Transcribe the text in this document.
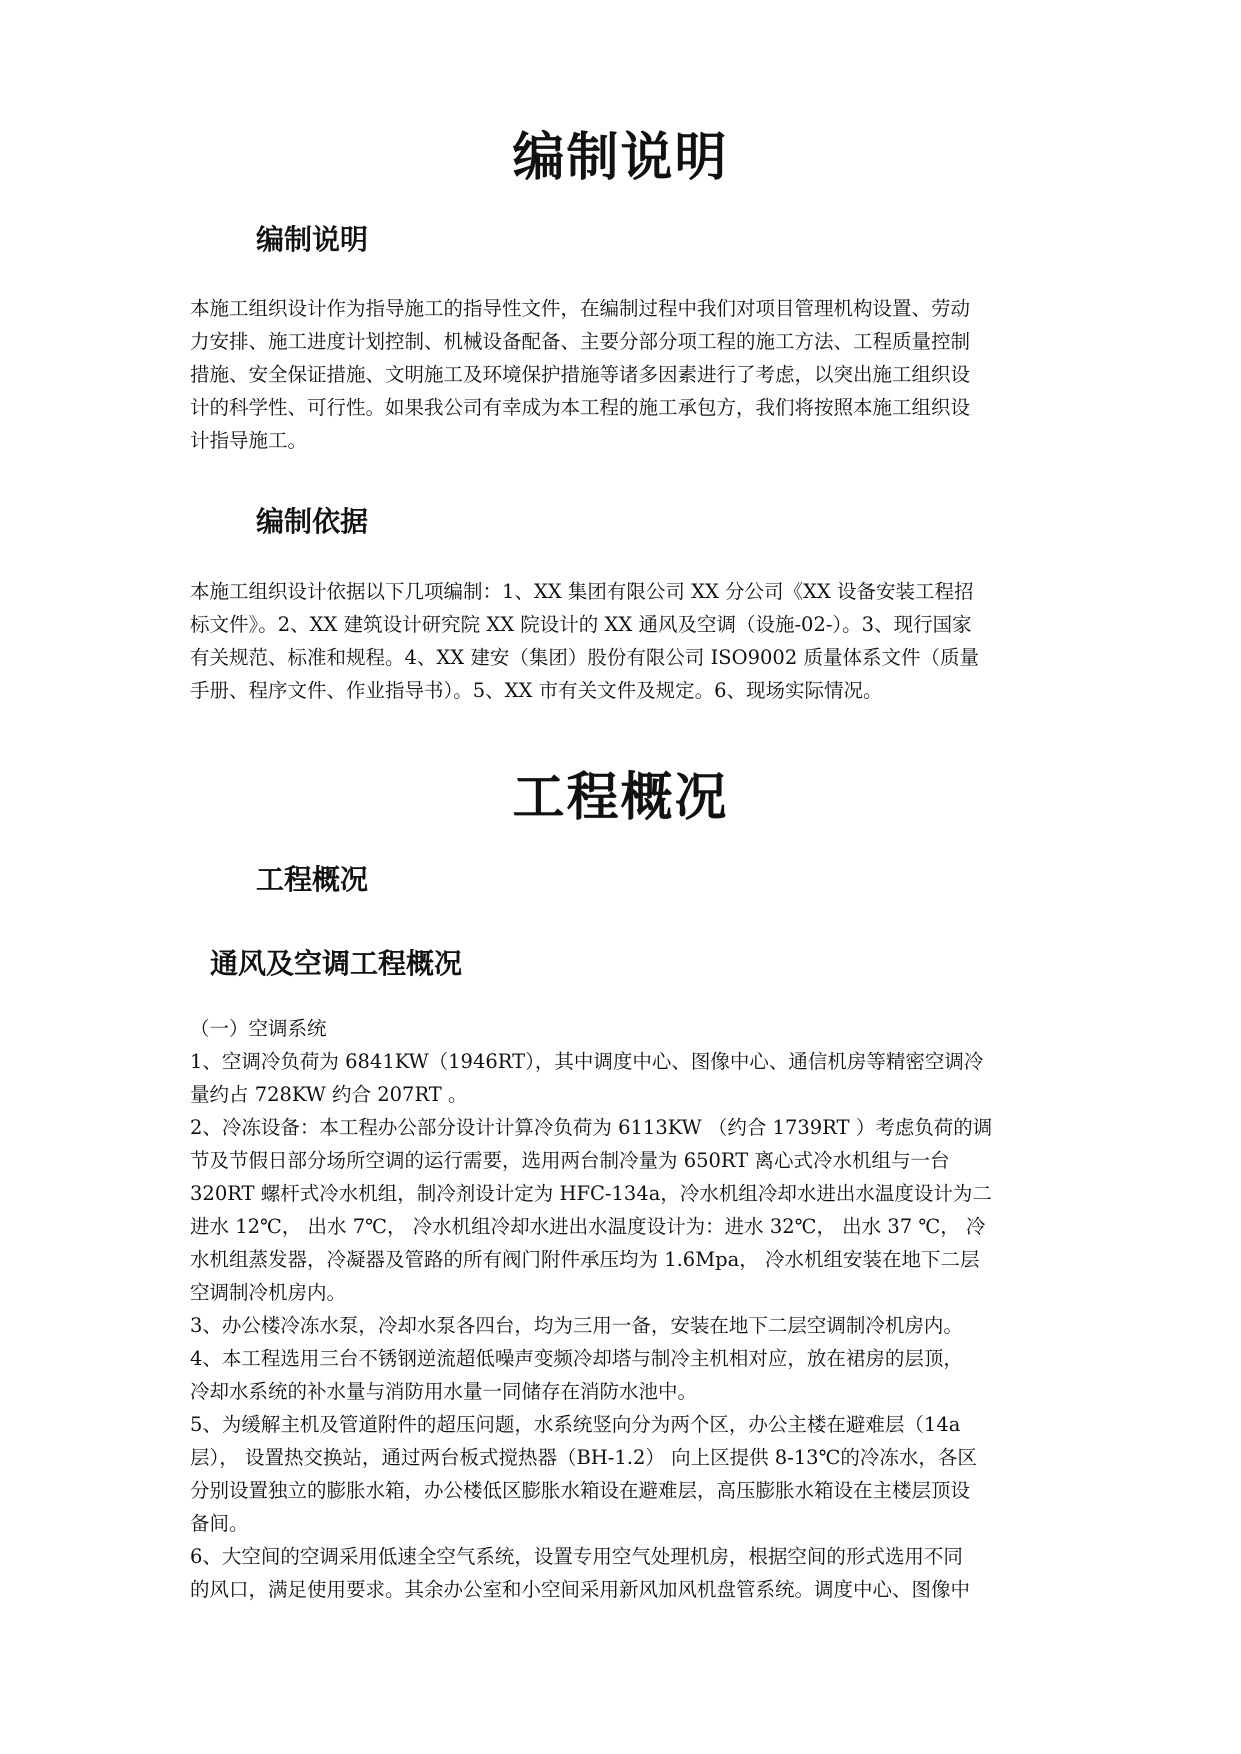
编制说明
编制说明

本施工组织设计作为指导施工的指导性文件，在编制过程中我们对项目管理机构设置、劳动

力安排、施工进度计划控制、机械设备配备、主要分部分项工程的施工方法、工程质量控制

措施、安全保证措施、文明施工及环境保护措施等诸多因素进行了考虑，以突出施工组织设

计的科学性、可行性。如果我公司有幸成为本工程的施工承包方，我们将按照本施工组织设

计指导施工。

编制依据

本施工组织设计依据以下几项编制：1、XX 集团有限公司 XX 分公司《XX 设备安装工程招

标文件》。2、XX 建筑设计研究院 XX 院设计的 XX 通风及空调（设施-02-）。3、现行国家

有关规范、标准和规程。4、XX 建安（集团）股份有限公司 ISO9002 质量体系文件（质量

手册、程序文件、作业指导书）。5、XX 市有关文件及规定。6、现场实际情况。

工程概况
工程概况
通风及空调工程概况

（一）空调系统

1、空调冷负荷为 6841KW（1946RT），其中调度中心、图像中心、通信机房等精密空调冷

量约占 728KW 约合 207RT 。

2、冷冻设备：本工程办公部分设计计算冷负荷为 6113KW （约合 1739RT ）考虑负荷的调

节及节假日部分场所空调的运行需要，选用两台制冷量为 650RT 离心式冷水机组与一台

320RT 螺杆式冷水机组，制冷剂设计定为 HFC-134a，冷水机组冷却水进出水温度设计为二

进水 12℃， 出水 7℃， 冷水机组冷却水进出水温度设计为：进水 32℃， 出水 37 ℃， 冷

水机组蒸发器，冷凝器及管路的所有阀门附件承压均为 1.6Mpa， 冷水机组安装在地下二层

空调制冷机房内。

3、办公楼冷冻水泵，冷却水泵各四台，均为三用一备，安装在地下二层空调制冷机房内。

4、本工程选用三台不锈钢逆流超低噪声变频冷却塔与制冷主机相对应，放在裙房的层顶，

冷却水系统的补水量与消防用水量一同储存在消防水池中。

5、为缓解主机及管道附件的超压问题，水系统竖向分为两个区，办公主楼在避难层（14a

层）， 设置热交换站，通过两台板式搅热器（BH-1.2） 向上区提供 8-13℃的冷冻水，各区

分别设置独立的膨胀水箱，办公楼低区膨胀水箱设在避难层，高压膨胀水箱设在主楼层顶设

备间。

6、大空间的空调采用低速全空气系统，设置专用空气处理机房，根据空间的形式选用不同

的风口，满足使用要求。其余办公室和小空间采用新风加风机盘管系统。调度中心、图像中
